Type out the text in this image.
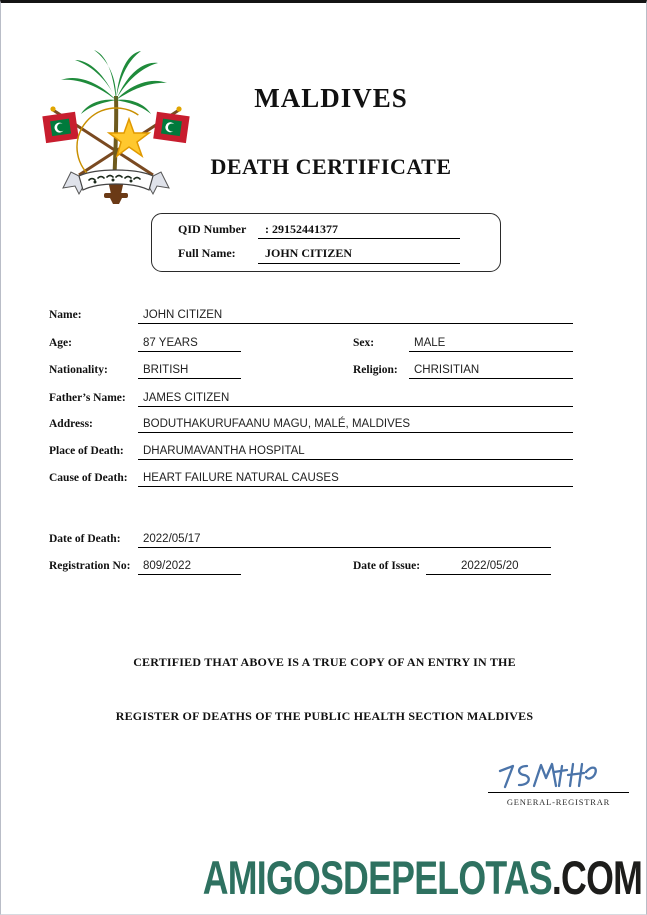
MALDIVES
DEATH CERTIFICATE
QID Number : 29152441377
Full Name: JOHN CITIZEN
Name:	JOHN CITIZEN
Age:	87 YEARS	Sex:	MALE
Nationality:	BRITISH	Religion: CHRISITIAN
Father’s Name: JAMES CITIZEN
Address:	BODUTHAKURUFAANU MAGU, MALÉ, MALDIVES
Place of Death: DHARUMAVANTHA HOSPITAL
Cause of Death: HEART FAILURE NATURAL CAUSES
Date of Death: 2022/05/17
Registration No: 809/2022	Date of Issue:	2022/05/20
CERTIFIED THAT ABOVE IS A TRUE COPY OF AN ENTRY IN THE
REGISTER OF DEATHS OF THE PUBLIC HEALTH SECTION MALDIVES
GENERAL-REGISTRAR
AMIGOSDEPELOTAS .COM
